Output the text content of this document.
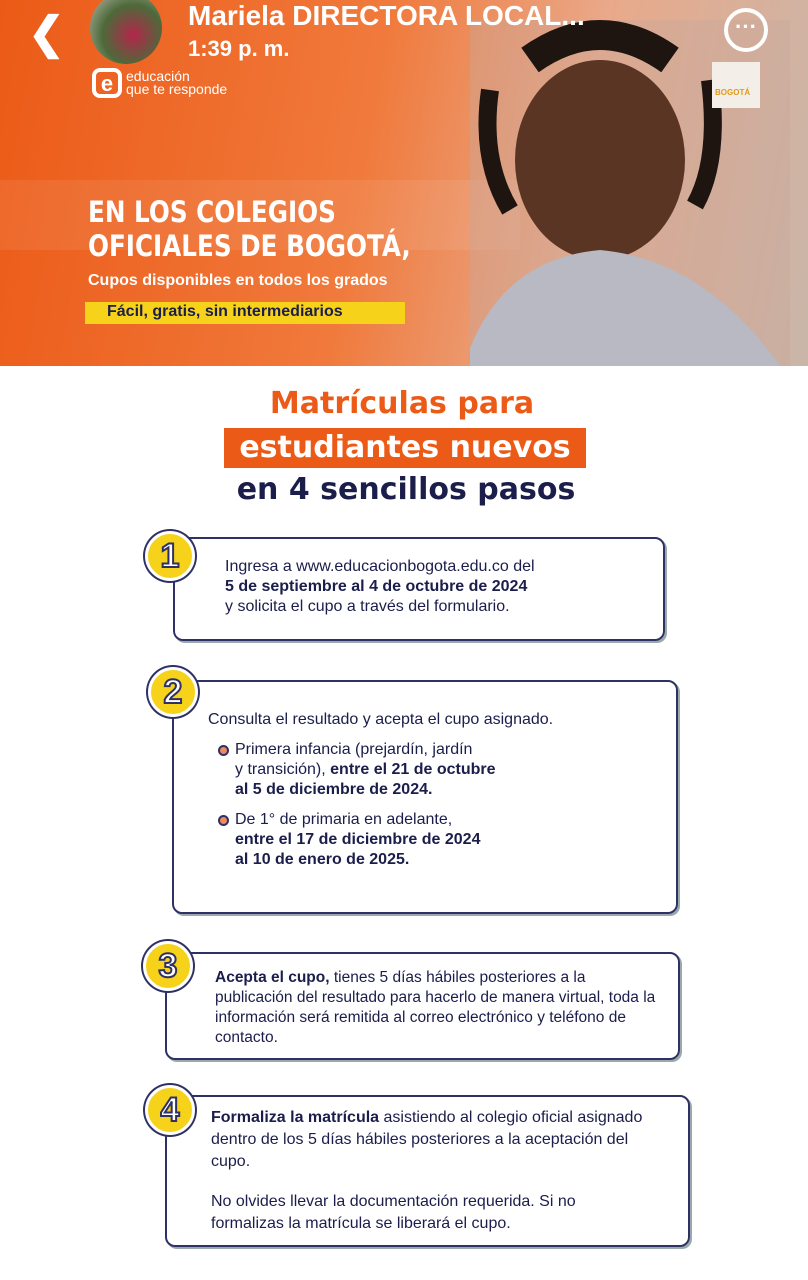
e educación
que te responde
EN LOS COLEGIOS
OFICIALES DE BOGOTÁ,
Cupos disponibles en todos los grados
Fácil, gratis, sin intermediarios
BOGOTÁ
❮	Mariela DIRECTORA LOCAL...
1:39 p. m.
···
Matrículas para
estudiantes nuevos
en 4 sencillos pasos
Ingresa a www.educacionbogota.edu.co del
5 de septiembre al 4 de octubre de 2024
y solicita el cupo a través del formulario.
1
Consulta el resultado y acepta el cupo asignado.
Primera infancia (prejardín, jardín
y transición), entre el 21 de octubre
al 5 de diciembre de 2024.
De 1° de primaria en adelante,
entre el 17 de diciembre de 2024
al 10 de enero de 2025.
2
Acepta el cupo, tienes 5 días hábiles posteriores a la publicación del resultado para hacerlo de manera virtual, toda la información será remitida al correo electrónico y teléfono de contacto.
3
Formaliza la matrícula asistiendo al colegio oficial asignado dentro de los 5 días hábiles posteriores a la aceptación del cupo.
No olvides llevar la documentación requerida. Si no formalizas la matrícula se liberará el cupo.
4
